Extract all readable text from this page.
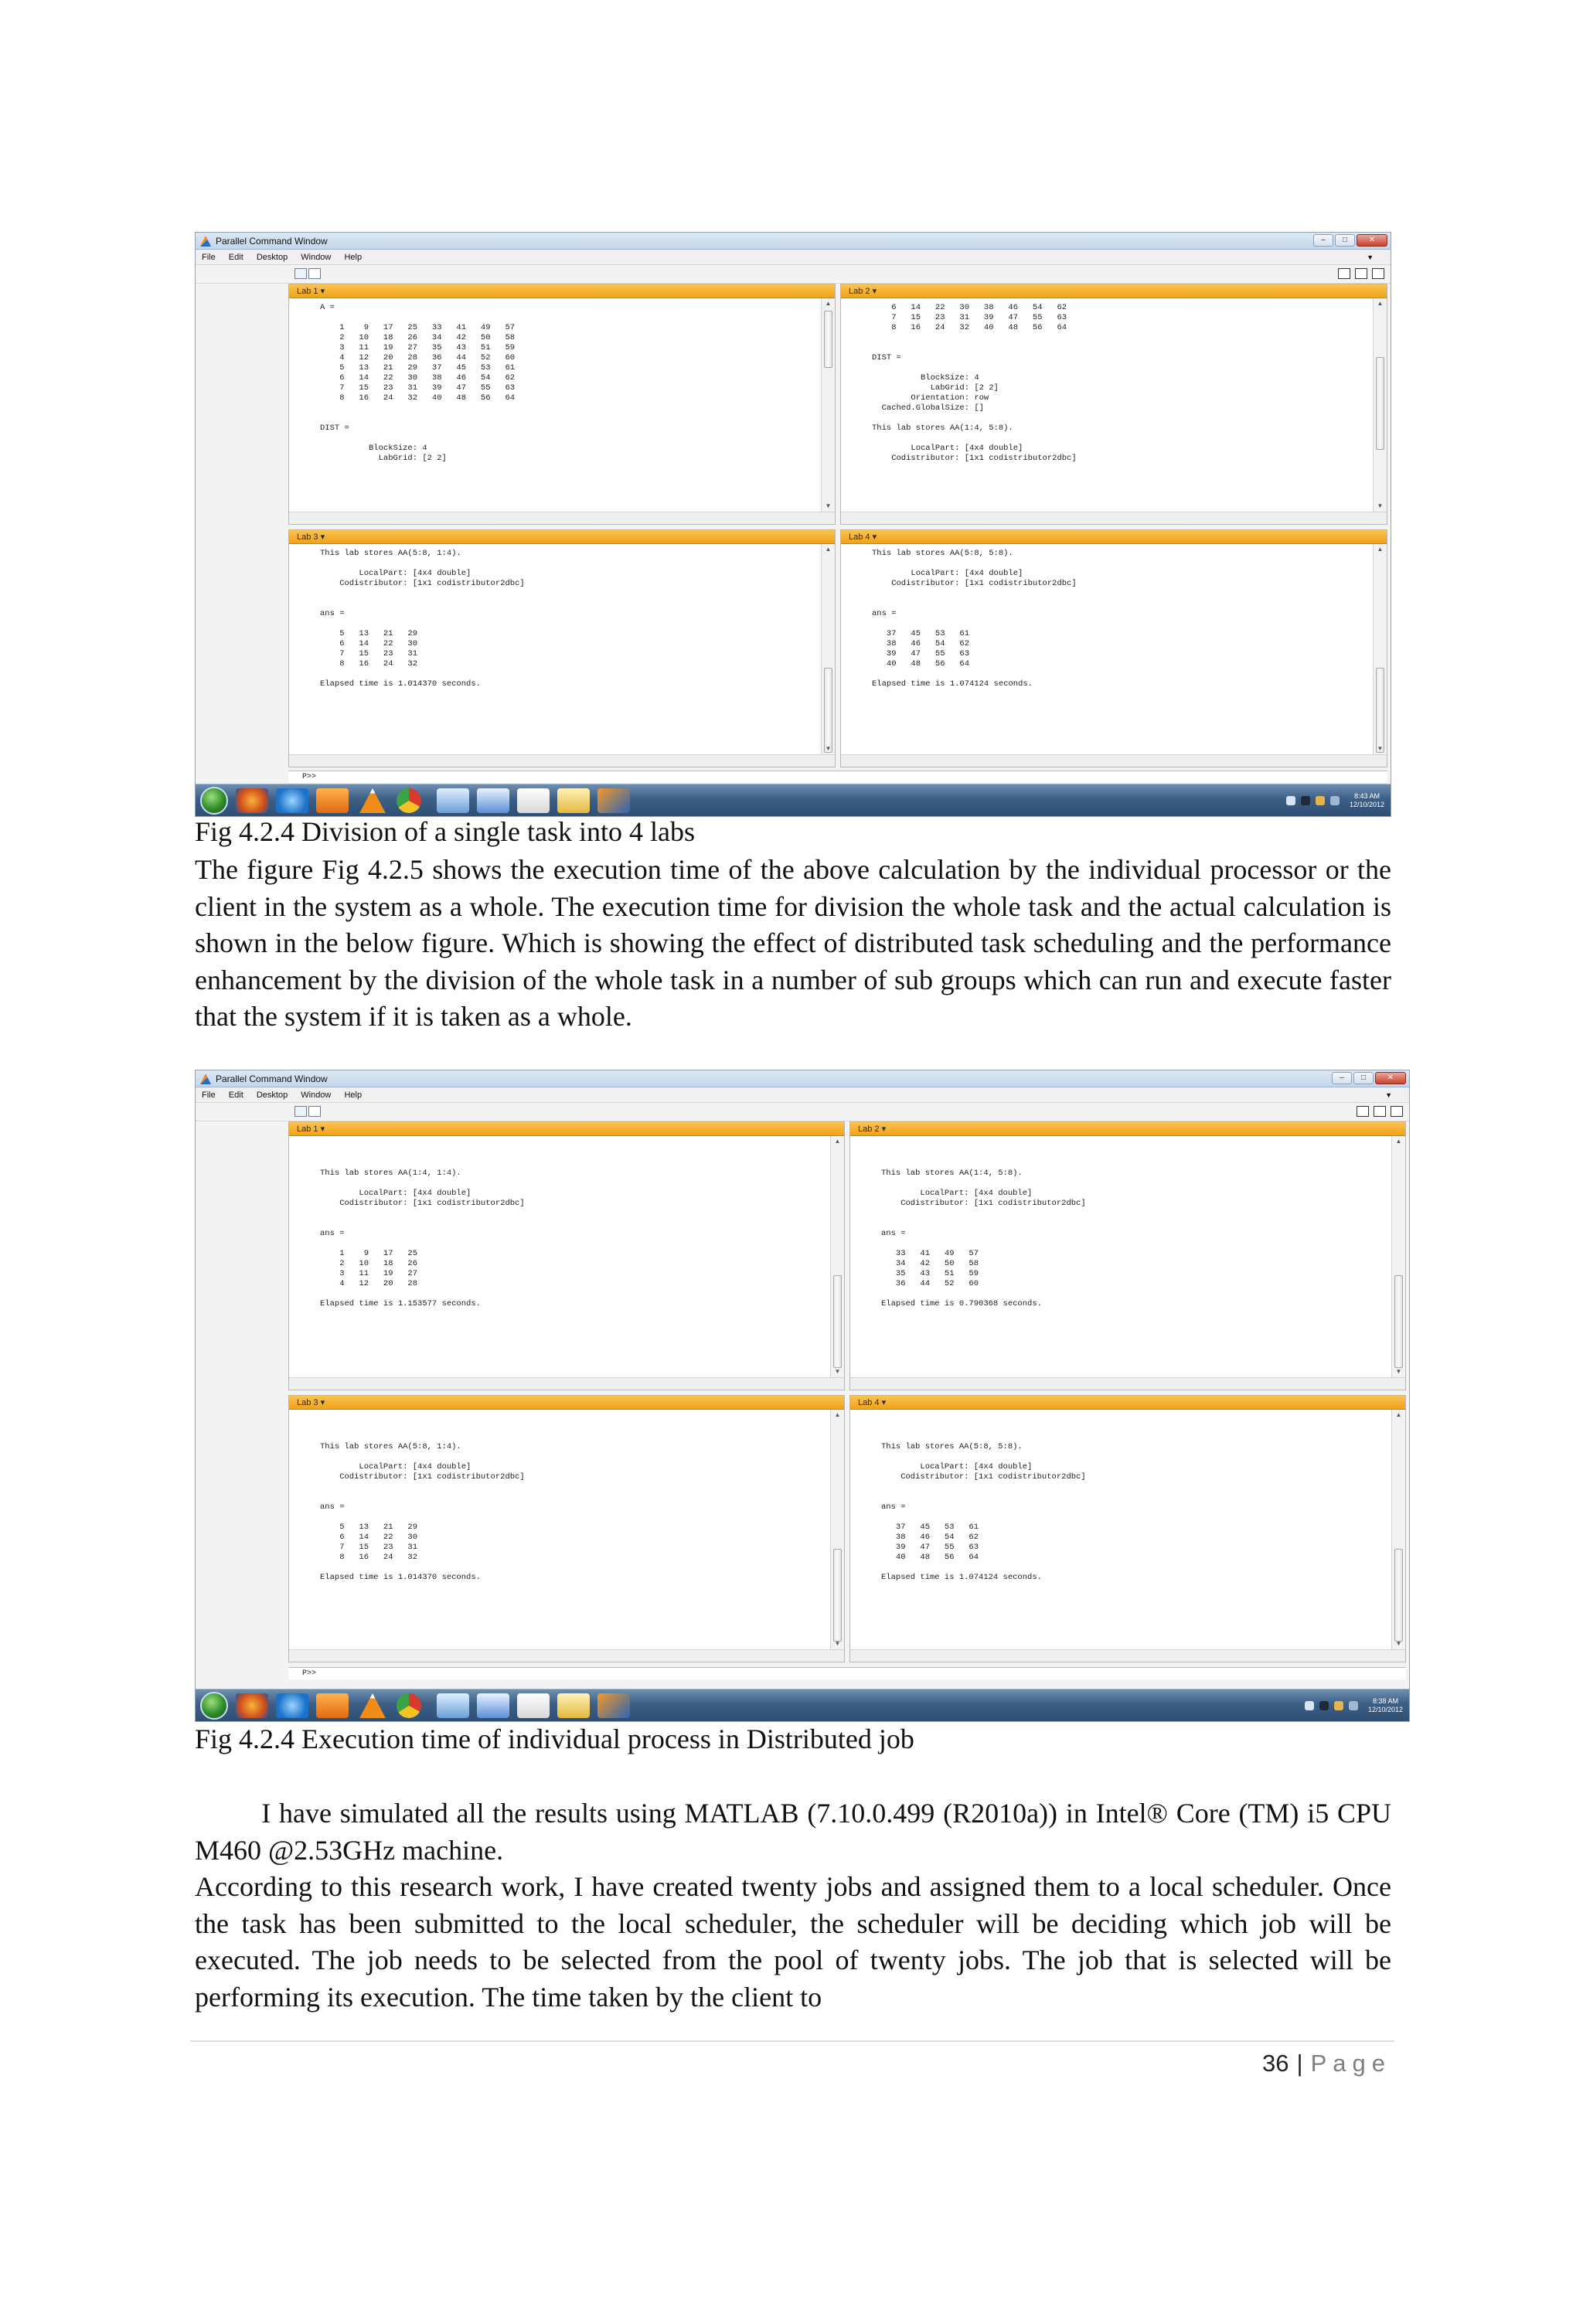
Parallel Command Window	–	□	✕
File Edit Desktop Window Help	▼
Lab 1 ▾
A =

1    9   17   25   33   41   49   57
2   10   18   26   34   42   50   58
3   11   19   27   35   43   51   59
4   12   20   28   36   44   52   60
5   13   21   29   37   45   53   61
6   14   22   30   38   46   54   62
7   15   23   31   39   47   55   63
8   16   24   32   40   48   56   64

DIST =

BlockSize: 4
LabGrid: [2 2]
▲
▼
Lab 2 ▾
6   14   22   30   38   46   54   62
7   15   23   31   39   47   55   63
8   16   24   32   40   48   56   64

DIST =

BlockSize: 4
LabGrid: [2 2]
Orientation: row
Cached.GlobalSize: []

This lab stores AA(1:4, 5:8).

LocalPart: [4x4 double]
Codistributor: [1x1 codistributor2dbc]
▲
▼
Lab 3 ▾
This lab stores AA(5:8, 1:4).

LocalPart: [4x4 double]
Codistributor: [1x1 codistributor2dbc]

ans =

5   13   21   29
6   14   22   30
7   15   23   31
8   16   24   32

Elapsed time is 1.014370 seconds.
▲
▼
Lab 4 ▾
This lab stores AA(5:8, 5:8).

LocalPart: [4x4 double]
Codistributor: [1x1 codistributor2dbc]

ans =

37   45   53   61
38   46   54   62
39   47   55   63
40   48   56   64

Elapsed time is 1.074124 seconds.
▲
▼
P>>
8:43 AM
12/10/2012
Fig 4.2.4 Division of a single task into 4 labs
The figure Fig 4.2.5 shows the execution time of the above calculation by the individual processor or the client in the system as a whole. The execution time for division the whole task and the actual calculation is shown in the below figure. Which is showing the effect of distributed task scheduling and the performance enhancement by the division of the whole task in a number of sub groups which can run and execute faster that the system if it is taken as a whole.
Parallel Command Window	–	□	✕
File Edit Desktop Window Help	▼
Lab 1 ▾
This lab stores AA(1:4, 1:4).

LocalPart: [4x4 double]
Codistributor: [1x1 codistributor2dbc]

ans =

1    9   17   25
2   10   18   26
3   11   19   27
4   12   20   28

Elapsed time is 1.153577 seconds.
▲
▼
Lab 2 ▾
This lab stores AA(1:4, 5:8).

LocalPart: [4x4 double]
Codistributor: [1x1 codistributor2dbc]

ans =

33   41   49   57
34   42   50   58
35   43   51   59
36   44   52   60

Elapsed time is 0.790368 seconds.
▲
▼
Lab 3 ▾
This lab stores AA(5:8, 1:4).

LocalPart: [4x4 double]
Codistributor: [1x1 codistributor2dbc]

ans =

5   13   21   29
6   14   22   30
7   15   23   31
8   16   24   32

Elapsed time is 1.014370 seconds.
▲
▼
Lab 4 ▾
This lab stores AA(5:8, 5:8).

LocalPart: [4x4 double]
Codistributor: [1x1 codistributor2dbc]

ans =

37   45   53   61
38   46   54   62
39   47   55   63
40   48   56   64

Elapsed time is 1.074124 seconds.
▲
▼
P>>
8:38 AM
12/10/2012
Fig 4.2.4 Execution time of individual process in Distributed job
I have simulated all the results using MATLAB (7.10.0.499 (R2010a)) in Intel® Core (TM) i5 CPU M460 @2.53GHz machine.
According to this research work, I have created twenty jobs and assigned them to a local scheduler. Once the task has been submitted to the local scheduler, the scheduler will be deciding which job will be executed. The job needs to be selected from the pool of twenty jobs. The job that is selected will be performing its execution. The time taken by the client to
36 | Page
